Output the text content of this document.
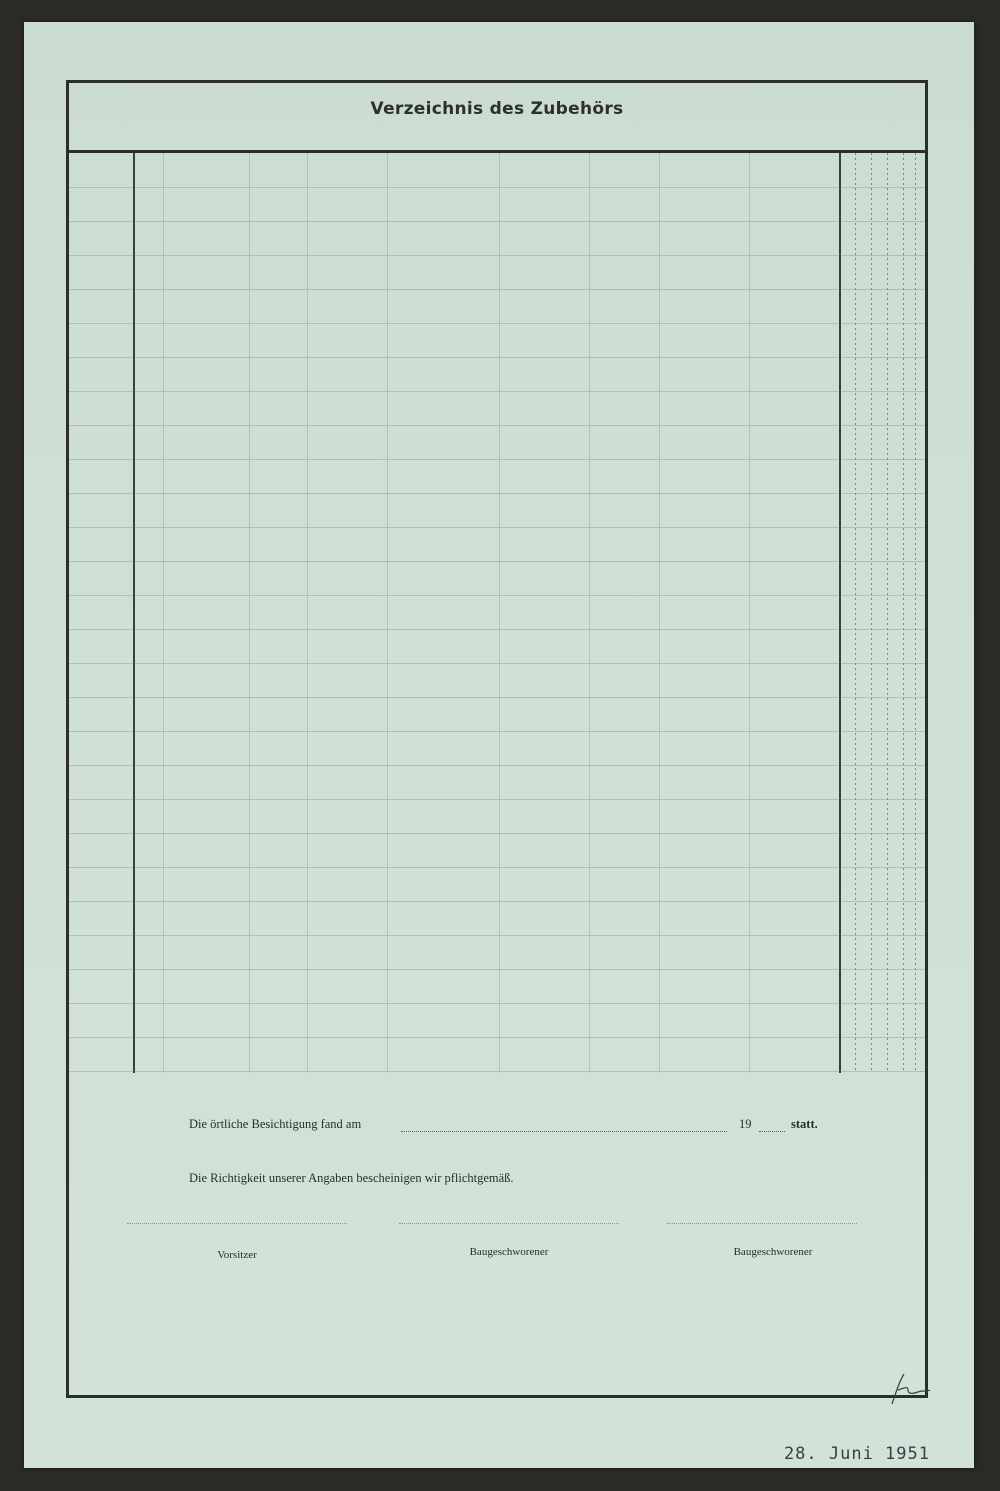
Verzeichnis des Zubehörs
Die örtliche Besichtigung fand am	19	statt.
Die Richtigkeit unserer Angaben bescheinigen wir pflichtgemäß.
Vorsitzer	Baugeschworener	Baugeschworener
28. Juni 1951
